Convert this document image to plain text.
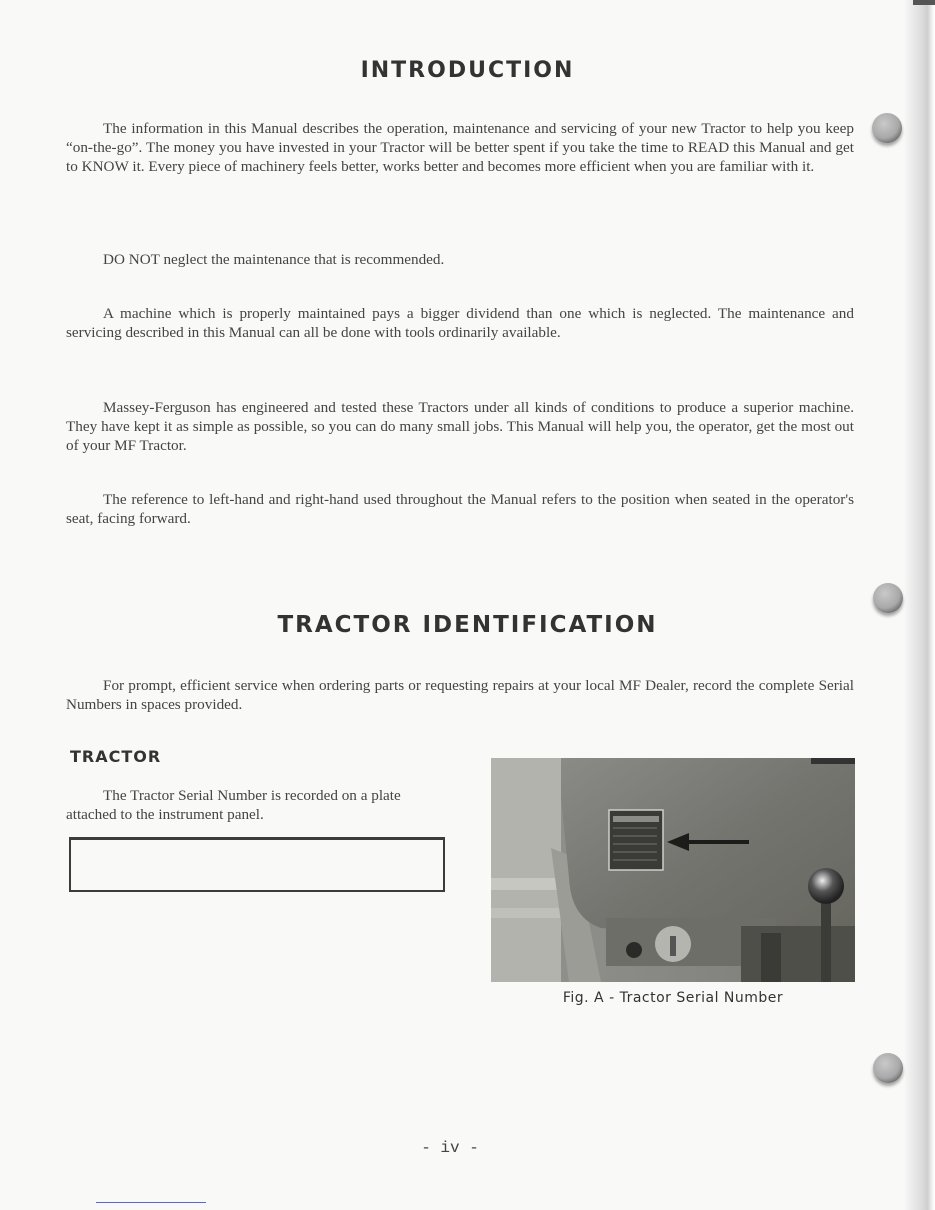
INTRODUCTION
The information in this Manual describes the operation, maintenance and servicing of your new Tractor to help you keep “on-the-go”. The money you have invested in your Tractor will be better spent if you take the time to READ this Manual and get to KNOW it. Every piece of machinery feels better, works better and becomes more efficient when you are familiar with it.
DO NOT neglect the maintenance that is recommended.
A machine which is properly maintained pays a bigger dividend than one which is neglected. The maintenance and servicing described in this Manual can all be done with tools ordinarily available.
Massey-Ferguson has engineered and tested these Tractors under all kinds of conditions to produce a superior machine. They have kept it as simple as possible, so you can do many small jobs. This Manual will help you, the operator, get the most out of your MF Tractor.
The reference to left-hand and right-hand used throughout the Manual refers to the position when seated in the operator's seat, facing forward.
TRACTOR IDENTIFICATION
For prompt, efficient service when ordering parts or requesting repairs at your local MF Dealer, record the complete Serial Numbers in spaces provided.
TRACTOR
The Tractor Serial Number is recorded on a plate attached to the instrument panel.
Fig. A - Tractor Serial Number
- iv -
